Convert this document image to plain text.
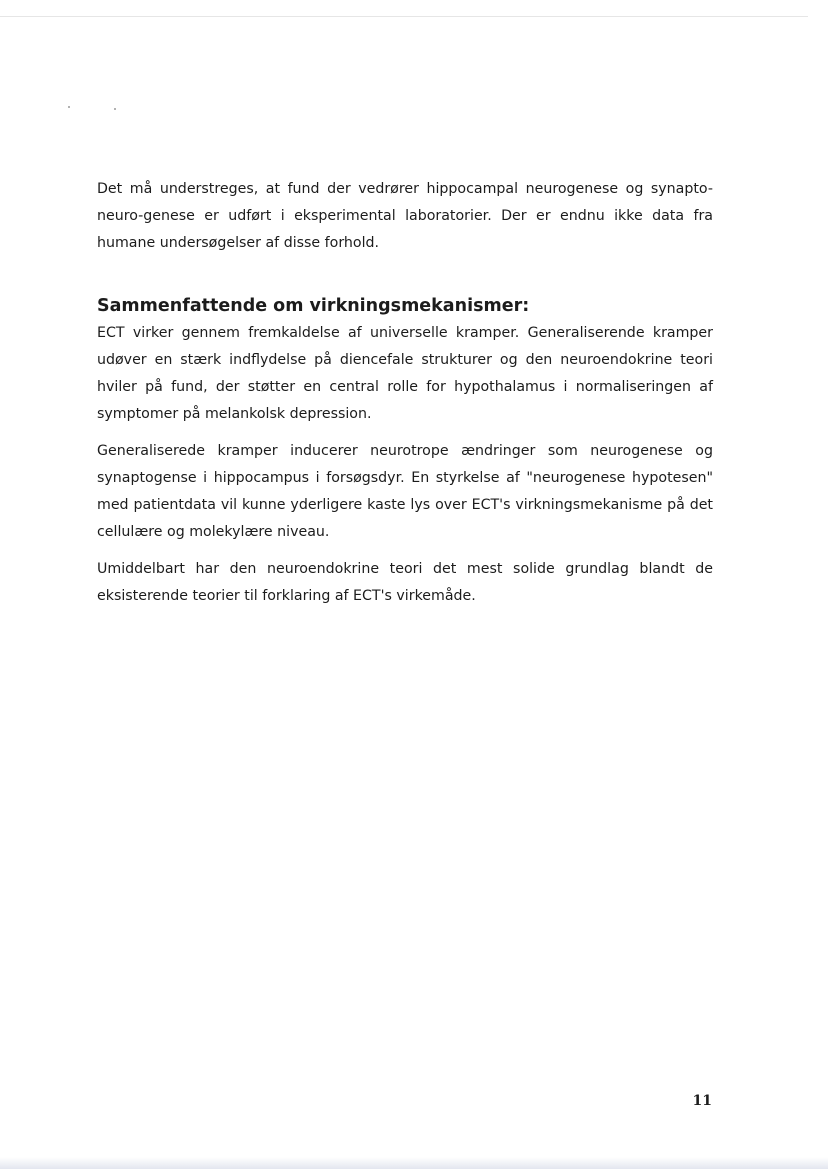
Det må understreges, at fund der vedrører hippocampal neurogenese og synapto-neuro-genese er udført i eksperimental laboratorier. Der er endnu ikke data fra humane undersøgelser af disse forhold.

Sammenfattende om virkningsmekanismer:

ECT virker gennem fremkaldelse af universelle kramper. Generaliserende kramper udøver en stærk indflydelse på diencefale strukturer og den neuroendokrine teori hviler på fund, der støtter en central rolle for hypothalamus i normaliseringen af symptomer på melankolsk depression.

Generaliserede kramper inducerer neurotrope ændringer som neurogenese og synaptogense i hippocampus i forsøgsdyr. En styrkelse af "neurogenese hypotesen" med patientdata vil kunne yderligere kaste lys over ECT's virkningsmekanisme på det cellulære og molekylære niveau.

Umiddelbart har den neuroendokrine teori det mest solide grundlag blandt de eksisterende teorier til forklaring af ECT's virkemåde.

11
